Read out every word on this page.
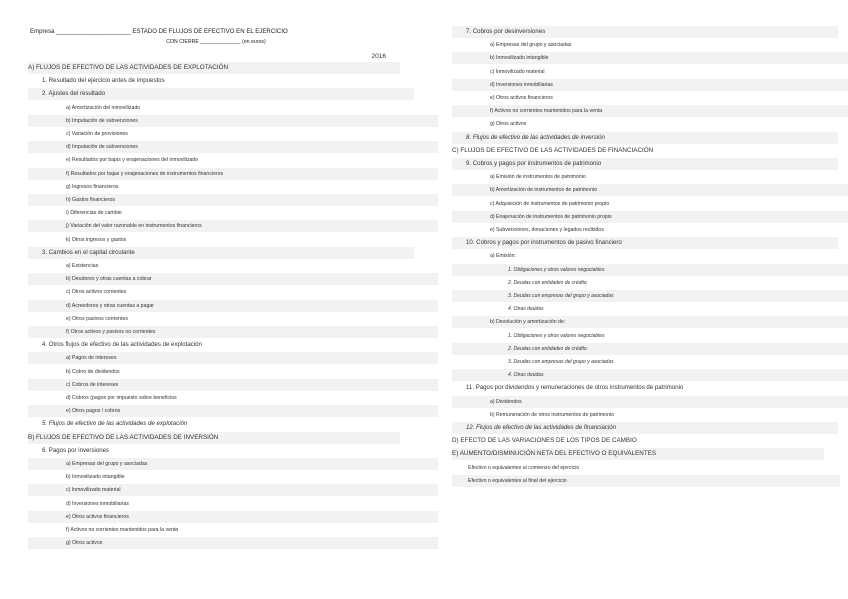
Empresa ______________________ ESTADO DE FLUJOS DE EFECTIVO EN EL EJERCICIO
CON CIERRE ______________ (en euros)
2016
A) FLUJOS DE EFECTIVO DE LAS ACTIVIDADES DE EXPLOTACIÓN
1. Resultado del ejercicio antes de impuestos
2. Ajustes del resultado
a) Amortización del inmovilizado
b) Imputación de subvenciones
c) Variación de provisiones
d) Imputación de subvenciones
e) Resultados por bajas y enajenaciones del inmovilizado
f) Resultados por bajas y enajenaciones de instrumentos financieros
g) Ingresos financieros
h) Gastos financieros
i) Diferencias de cambio
j) Variación del valor razonable en instrumentos financieros
k) Otros ingresos y gastos
3. Cambios en el capital circulante
a) Existencias
b) Deudores y otras cuentas a cobrar
c) Otros activos corrientes
d) Acreedores y otras cuentas a pagar
e) Otros pasivos corrientes
f) Otros activos y pasivos no corrientes
4. Otros flujos de efectivo de las actividades de explotación
a) Pagos de intereses
b) Cobro de dividendos
c) Cobros de intereses
d) Cobros (pagos por impuesto sobre beneficios
e) Otros pagos / cobros
5. Flujos de efectivo de las actividades de explotación
B) FLUJOS DE EFECTIVO DE LAS ACTIVIDADES DE INVERSIÓN
6. Pagos por inversiones
a) Empresas del grupo y asociadas
b) Inmovilizado intangible
c) Inmovilizado material
d) Inversiones inmobiliarias
e) Otros activos financieros
f) Activos no corrientes mantenidos para la venta
g) Otros activos
7. Cobros por desinversiones
a) Empresas del grupo y asociadas
b) Inmovilizado intangible
c) Inmovilizado material
d) Inversiones inmobiliarias
e) Otros activos financieros
f) Activos no corrientes mantenidos para la venta
g) Otros activos
8. Flujos de efectivo de las actividades de inversión
C) FLUJOS DE EFECTIVO DE LAS ACTIVIDADES DE FINANCIACIÓN
9. Cobros y pagos por instrumentos de patrimonio
a) Emisión de instrumentos de patrimonio
b) Amortización de instrumentos de patrimonio
c) Adquisición de instrumentos de patrimonio propio
d) Enajenación de instrumentos de patrimonio propio
e) Subvenciones, donaciones y legados recibidos
10. Cobros y pagos por instrumentos de pasivo financiero
a) Emisión:
1. Obligaciones y otros valores negociables
2. Deudas con entidades de crédito
3. Deudas con empresas del grupo y asociadas
4. Otras deudas
b) Devolución y amortización de:
1. Obligaciones y otros valores negociables
2. Deudas con entidades de crédito
3. Deudas con empresas del grupo y asociadas
4. Otras deudas
11. Pagos por dividendos y remuneraciones de otros instrumentos de patrimonio
a) Dividendos
b) Remuneración de otros instrumentos de patrimonio
12. Flujos de efectivo de las actividades de financiación
D) EFECTO DE LAS VARIACIONES DE LOS TIPOS DE CAMBIO
E) AUMENTO/DISMINUCIÓN NETA DEL EFECTIVO O EQUIVALENTES
Efectivo o equivalentes al comienzo del ejercicio
Efectivo o equivalentes al final del ejercicio
